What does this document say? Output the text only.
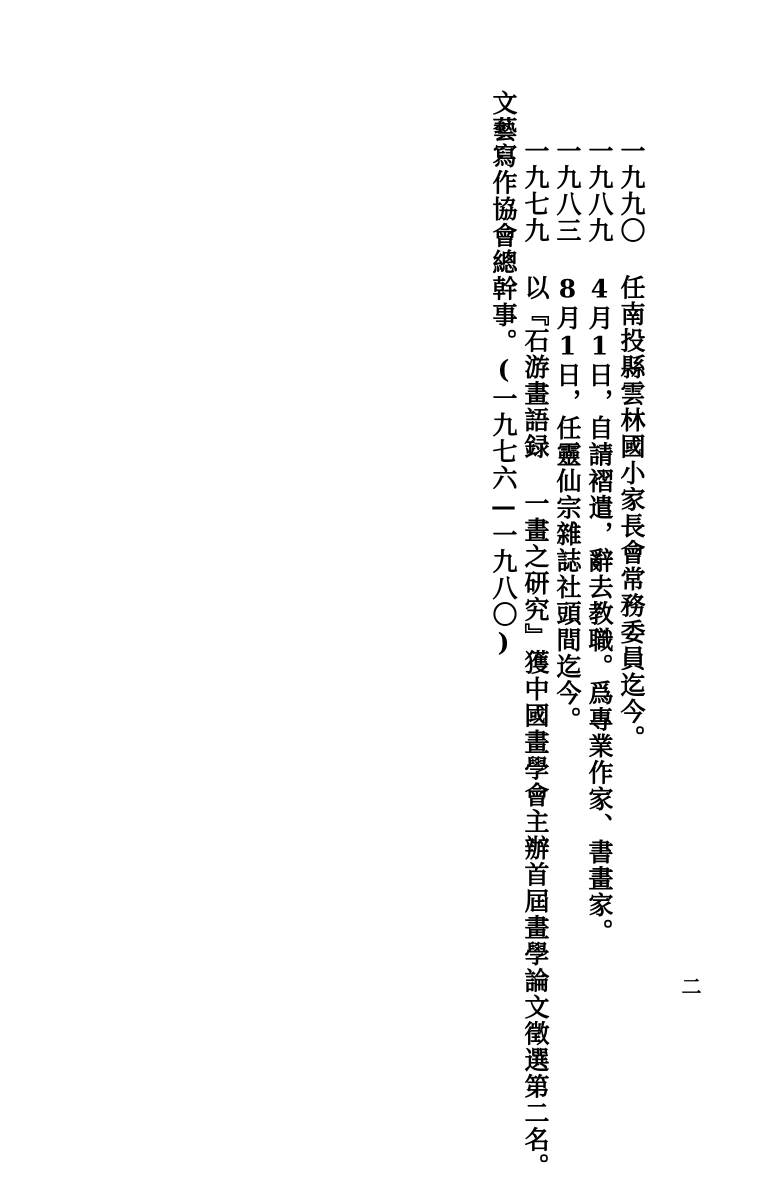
文藝寫作協會總幹事。(一九七六—一九八〇) 一九七九 以『石游畫語録 一畫之研究』獲中國畫學會主辦首屆畫學論文徵選第二名。 一九八三 8月1日，任靈仙宗雜誌社頭間迄今。 一九八九 4月1日，自請褶遣，辭去教職。爲專業作家、書畫家。 一九九〇 任南投縣雲林國小家長會常務委員迄今。
二
